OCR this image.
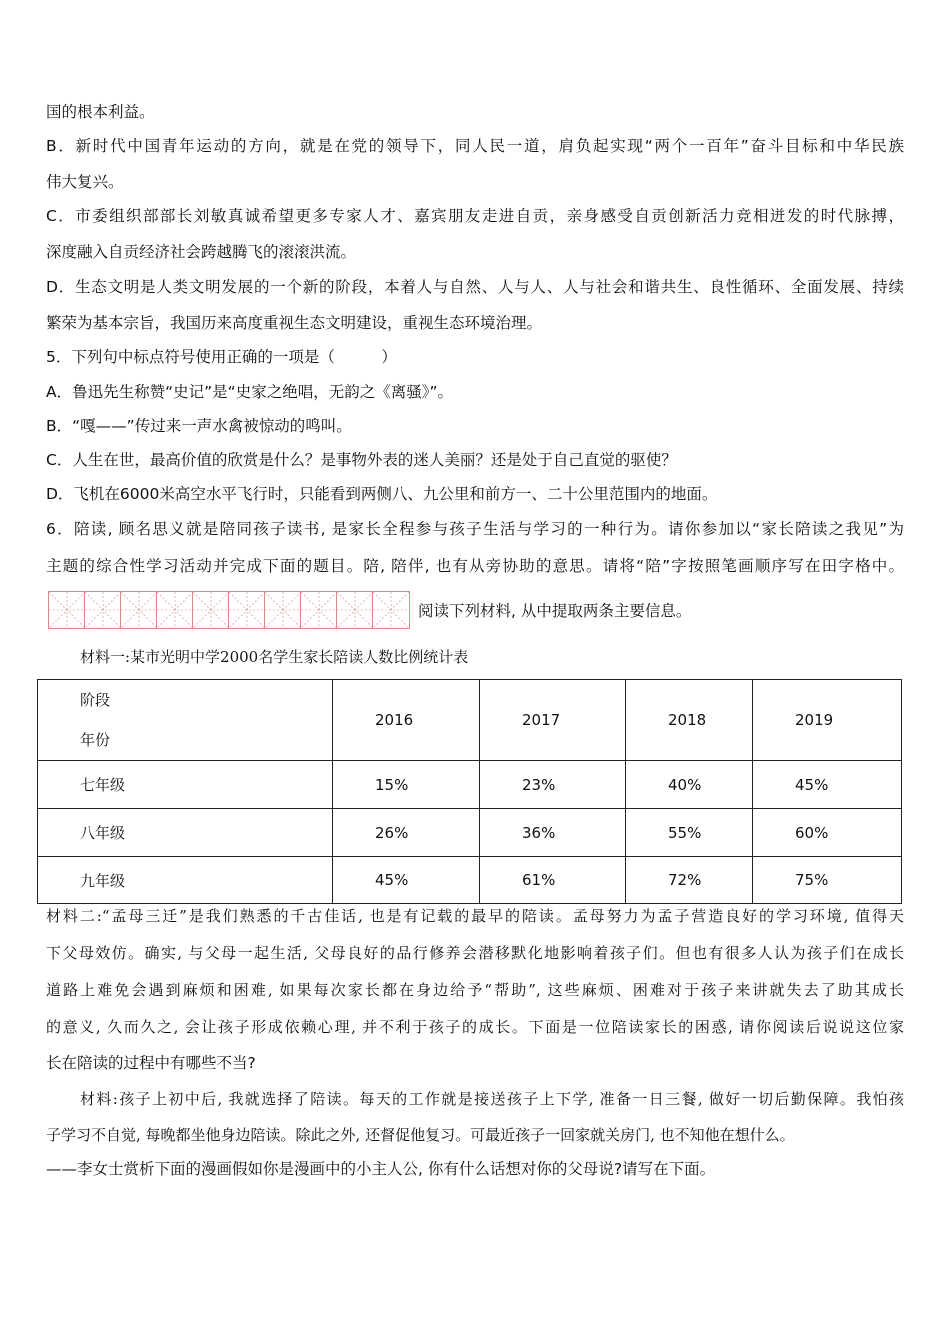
国的根本利益。
B．新时代中国青年运动的方向，就是在党的领导下，同人民一道，肩负起实现“两个一百年”奋斗目标和中华民族
伟大复兴。
C．市委组织部部长刘敏真诚希望更多专家人才、嘉宾朋友走进自贡，亲身感受自贡创新活力竞相迸发的时代脉搏，
深度融入自贡经济社会跨越腾飞的滚滚洪流。
D．生态文明是人类文明发展的一个新的阶段，本着人与自然、人与人、人与社会和谐共生、良性循环、全面发展、持续
繁荣为基本宗旨，我国历来高度重视生态文明建设，重视生态环境治理。
5．下列句中标点符号使用正确的一项是（　　　）
A．鲁迅先生称赞“史记”是“史家之绝唱，无韵之《离骚》”。
B．“嘎——”传过来一声水禽被惊动的鸣叫。
C．人生在世，最高价值的欣赏是什么？是事物外表的迷人美丽？还是处于自己直觉的驱使？
D．飞机在6000米高空水平飞行时，只能看到两侧八、九公里和前方一、二十公里范围内的地面。
6．陪读, 顾名思义就是陪同孩子读书, 是家长全程参与孩子生活与学习的一种行为。请你参加以“家长陪读之我见”为
主题的综合性学习活动并完成下面的题目。陪, 陪伴, 也有从旁协助的意思。请将“陪”字按照笔画顺序写在田字格中。
阅读下列材料, 从中提取两条主要信息。
材料一:某市光明中学2000名学生家长陪读人数比例统计表
阶段
年份	2016	2017	2018	2019
七年级	15%	23%	40%	45%
八年级	26%	36%	55%	60%
九年级	45%	61%	72%	75%
材料二:“孟母三迁”是我们熟悉的千古佳话, 也是有记载的最早的陪读。孟母努力为孟子营造良好的学习环境, 值得天
下父母效仿。确实, 与父母一起生活, 父母良好的品行修养会潜移默化地影响着孩子们。但也有很多人认为孩子们在成长
道路上难免会遇到麻烦和困难, 如果每次家长都在身边给予“帮助”, 这些麻烦、困难对于孩子来讲就失去了助其成长
的意义, 久而久之, 会让孩子形成依赖心理, 并不利于孩子的成长。下面是一位陪读家长的困惑, 请你阅读后说说这位家
长在陪读的过程中有哪些不当?
材料:孩子上初中后, 我就选择了陪读。每天的工作就是接送孩子上下学, 准备一日三餐, 做好一切后勤保障。我怕孩
子学习不自觉, 每晚都坐他身边陪读。除此之外, 还督促他复习。可最近孩子一回家就关房门, 也不知他在想什么。
——李女士赏析下面的漫画假如你是漫画中的小主人公, 你有什么话想对你的父母说?请写在下面。
